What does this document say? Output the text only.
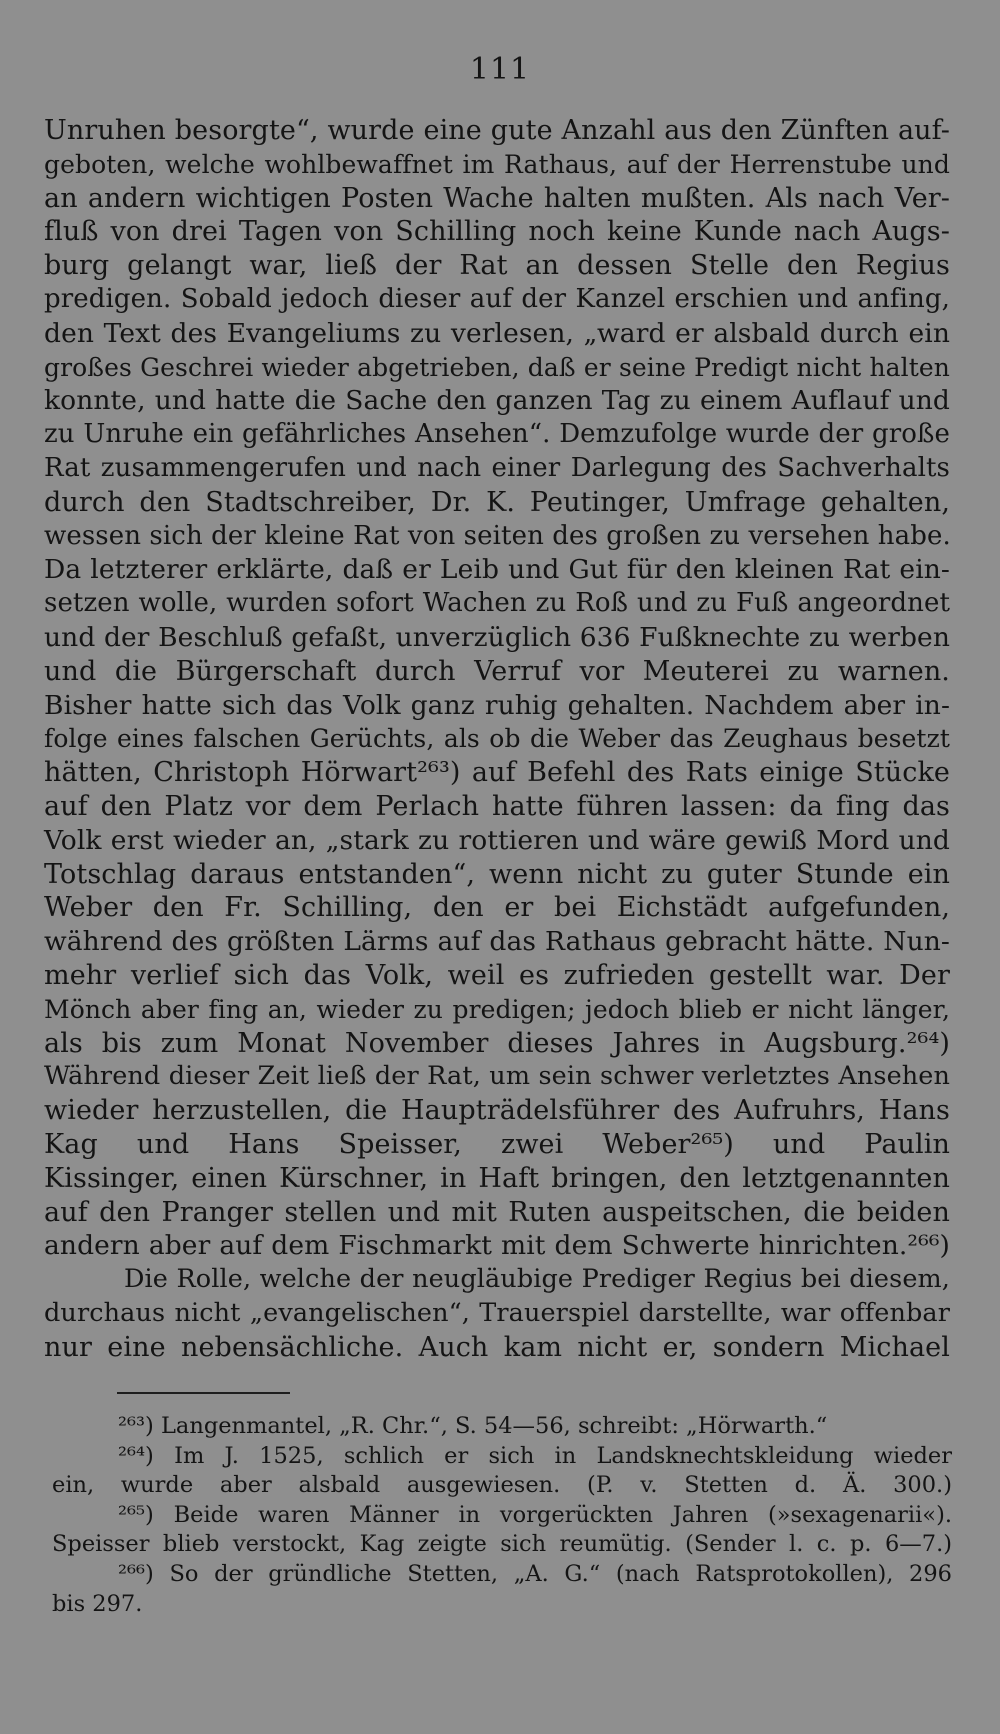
111
Unruhen besorgte“, wurde eine gute Anzahl aus den Zünften auf-
geboten, welche wohlbewaffnet im Rathaus, auf der Herrenstube und
an andern wichtigen Posten Wache halten mußten. Als nach Ver-
fluß von drei Tagen von Schilling noch keine Kunde nach Augs-
burg gelangt war, ließ der Rat an dessen Stelle den Regius
predigen. Sobald jedoch dieser auf der Kanzel erschien und anfing,
den Text des Evangeliums zu verlesen, „ward er alsbald durch ein
großes Geschrei wieder abgetrieben, daß er seine Predigt nicht halten
konnte, und hatte die Sache den ganzen Tag zu einem Auflauf und
zu Unruhe ein gefährliches Ansehen“. Demzufolge wurde der große
Rat zusammengerufen und nach einer Darlegung des Sachverhalts
durch den Stadtschreiber, Dr. K. Peutinger, Umfrage gehalten,
wessen sich der kleine Rat von seiten des großen zu versehen habe.
Da letzterer erklärte, daß er Leib und Gut für den kleinen Rat ein-
setzen wolle, wurden sofort Wachen zu Roß und zu Fuß angeordnet
und der Beschluß gefaßt, unverzüglich 636 Fußknechte zu werben
und die Bürgerschaft durch Verruf vor Meuterei zu warnen.
Bisher hatte sich das Volk ganz ruhig gehalten. Nachdem aber in-
folge eines falschen Gerüchts, als ob die Weber das Zeughaus besetzt
hätten, Christoph Hörwart²⁶³) auf Befehl des Rats einige Stücke
auf den Platz vor dem Perlach hatte führen lassen: da fing das
Volk erst wieder an, „stark zu rottieren und wäre gewiß Mord und
Totschlag daraus entstanden“, wenn nicht zu guter Stunde ein
Weber den Fr. Schilling, den er bei Eichstädt aufgefunden,
während des größten Lärms auf das Rathaus gebracht hätte. Nun-
mehr verlief sich das Volk, weil es zufrieden gestellt war. Der
Mönch aber fing an, wieder zu predigen; jedoch blieb er nicht länger,
als bis zum Monat November dieses Jahres in Augsburg.²⁶⁴)
Während dieser Zeit ließ der Rat, um sein schwer verletztes Ansehen
wieder herzustellen, die Haupträdelsführer des Aufruhrs, Hans
Kag und Hans Speisser, zwei Weber²⁶⁵) und Paulin
Kissinger, einen Kürschner, in Haft bringen, den letztgenannten
auf den Pranger stellen und mit Ruten auspeitschen, die beiden
andern aber auf dem Fischmarkt mit dem Schwerte hinrichten.²⁶⁶)
Die Rolle, welche der neugläubige Prediger Regius bei diesem,
durchaus nicht „evangelischen“, Trauerspiel darstellte, war offenbar
nur eine nebensächliche. Auch kam nicht er, sondern Michael
²⁶³) Langenmantel, „R. Chr.“, S. 54—56, schreibt: „Hörwarth.“
²⁶⁴) Im J. 1525, schlich er sich in Landsknechtskleidung wieder
ein, wurde aber alsbald ausgewiesen. (P. v. Stetten d. Ä. 300.)
²⁶⁵) Beide waren Männer in vorgerückten Jahren (»sexagenarii«).
Speisser blieb verstockt, Kag zeigte sich reumütig. (Sender l. c. p. 6—7.)
²⁶⁶) So der gründliche Stetten, „A. G.“ (nach Ratsprotokollen), 296
bis 297.
